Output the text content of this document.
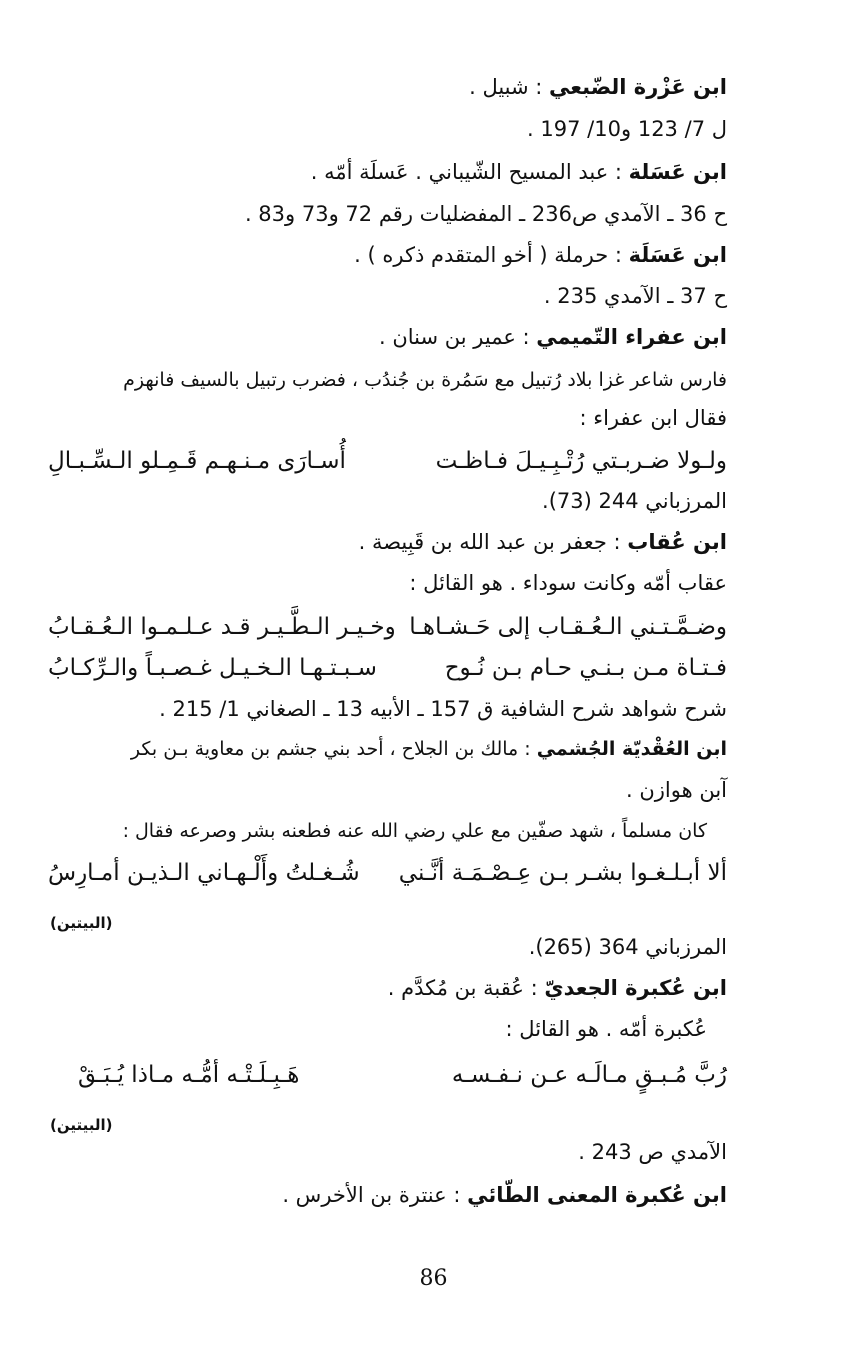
ابن عَزْرة الضّبعي : شبيل .
ل 7/ 123 و10/ 197 .
ابن عَسَلة : عبد المسيح الشّيباني . عَسلَة أمّه .
ح 36 ـ الآمدي ص236 ـ المفضليات رقم 72 و73 و83 .
ابن عَسَلَة : حرملة ( أخو المتقدم ذكره ) .
ح 37 ـ الآمدي 235 .
ابن عفراء التّميمي : عمير بن سنان .
فارس شاعر غزا بلاد رُتبيل مع سَمُرة بن جُندُب ، فضرب رتبيل بالسيف فانهزم
فقال ابن عفراء :
ولـولا ضـربـتي رُتْـبِـيـلَ فـاظـت
أُسـارَى مـنـهـم قَـمِـلو الـسِّـبـالِ
المرزباني 244 (73).
ابن عُقاب : جعفر بن عبد الله بن قَبِيصة .
عقاب أمّه وكانت سوداء . هو القائل :
وضـمَّـتـني الـعُـقـاب إلى حَـشـاهـا
وخـيـر الـطَّـيـر قـد عـلـمـوا الـعُـقـابُ
فـتـاة مـن بـنـي حـام بـن نُـوح
سـبـتـهـا الـخـيـل غـصـبـاً والـرِّكـابُ
شرح شواهد شرح الشافية ق 157 ـ الأبيه 13 ـ الصغاني 1/ 215 .
ابن العُقْديّة الجُشمي : مالك بن الجلاح ، أحد بني جشم بن معاوية بـن بكر
آبن هوازن .
كان مسلماً ، شهد صفّين مع علي رضي الله عنه فطعنه بشر وصرعه فقال :
ألا أبـلـغـوا بشـر بـن عِـصْـمَـة أنَّـني
شُـغـلتُ وأَلْـهـاني الـذيـن أمـارِسُ
(البيتين)
المرزباني 364 (265).
ابن عُكبرة الجعديّ : عُقبة بن مُكدَّم .
عُكبرة أمّه . هو القائل :
رُبَّ مُـبـقٍ مـالَـه عـن نـفـسـه
هَـبِـلَـتْـه أمُّـه مـاذا يُـبَـقْ
(البيتين)
الآمدي ص 243 .
ابن عُكبرة المعنى الطّائي : عنترة بن الأخرس .
86
